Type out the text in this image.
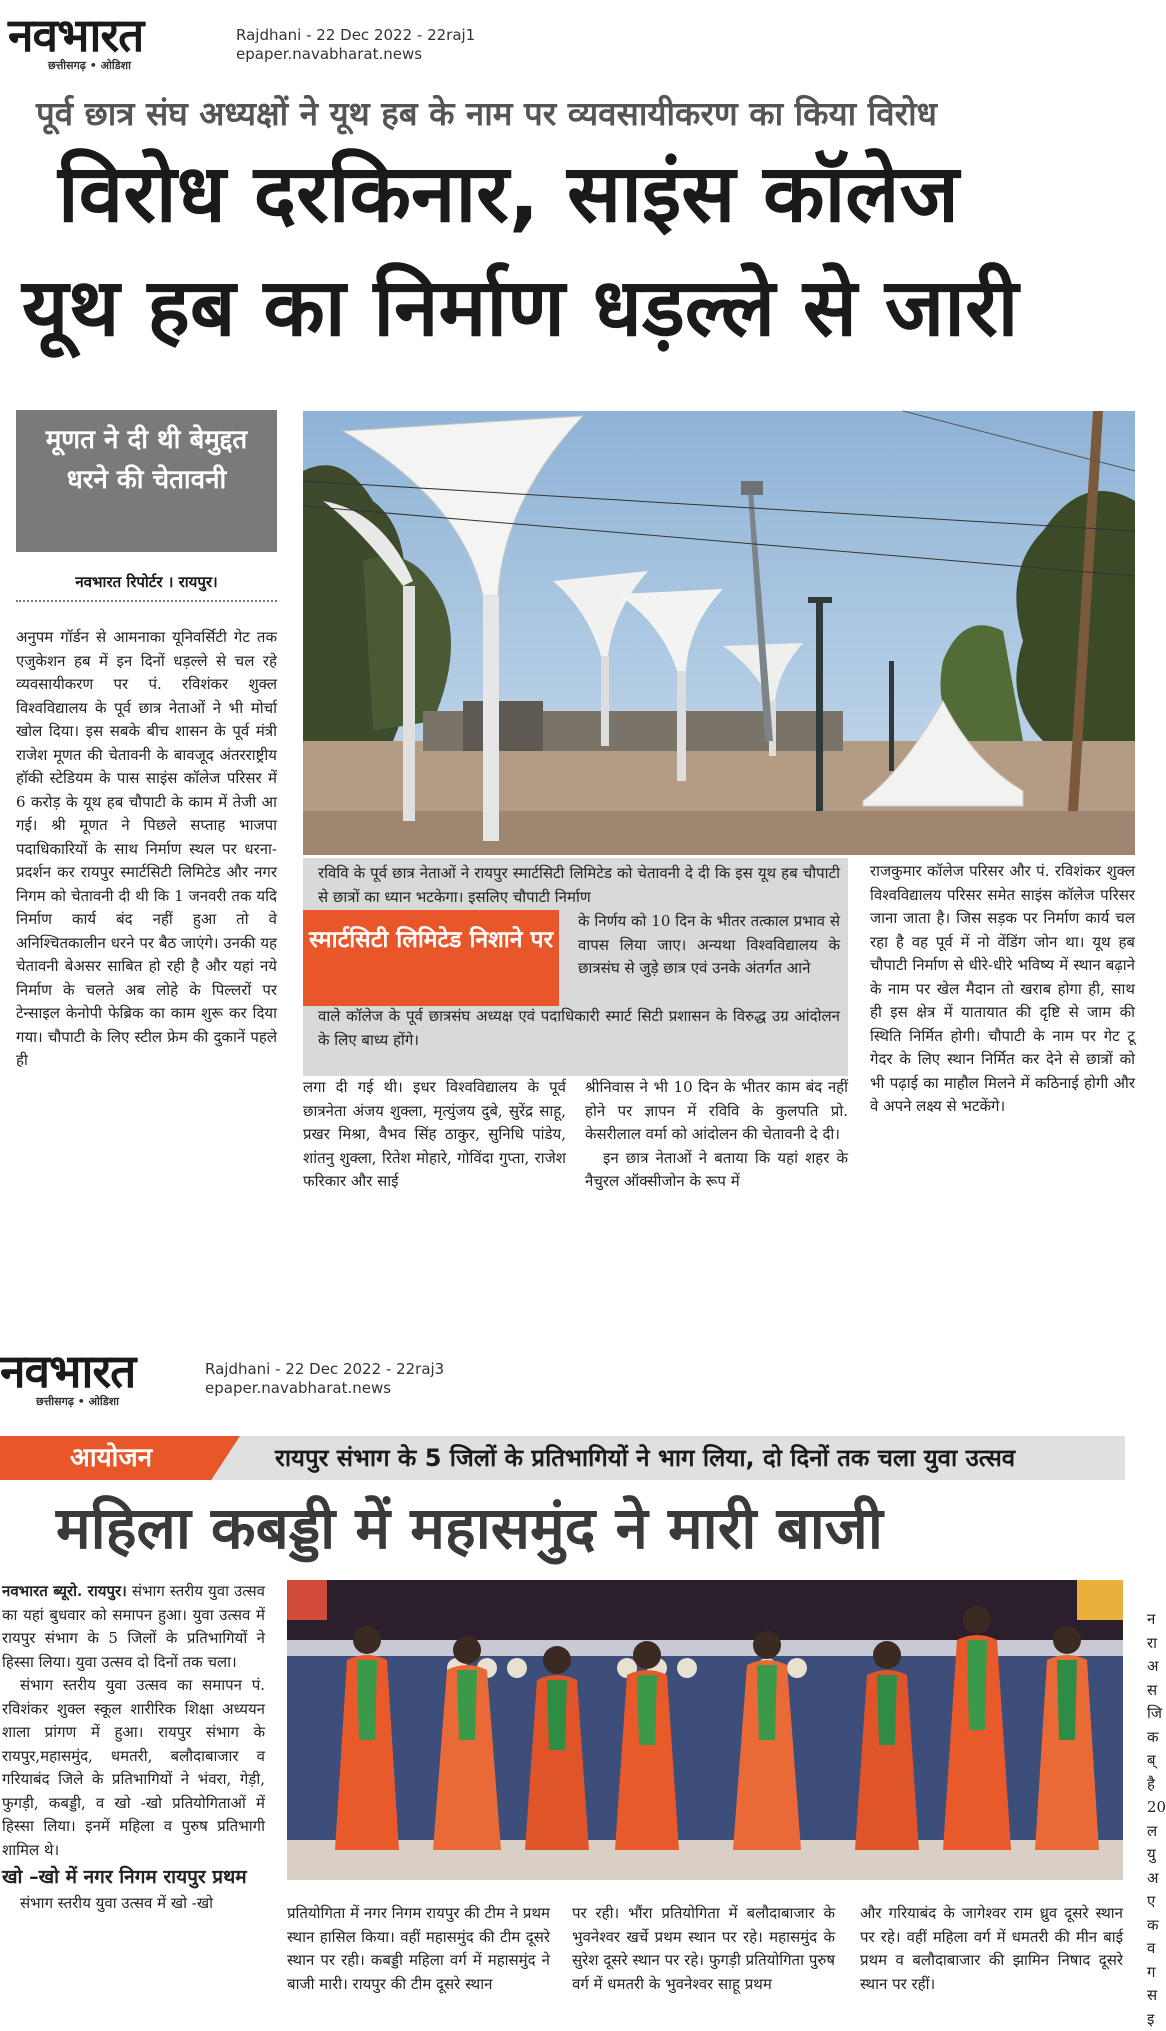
नवभारत
छत्तीसगढ़ • ओडिशा
Rajdhani - 22 Dec 2022 - 22raj1
epaper.navabharat.news
पूर्व छात्र संघ अध्यक्षों ने यूथ हब के नाम पर व्यवसायीकरण का किया विरोध
विरोध दरकिनार, साइंस कॉलेज
यूथ हब का निर्माण धड़ल्ले से जारी
मूणत ने दी थी बेमुद्दत धरने की चेतावनी
नवभारत रिपोर्टर । रायपुर।

अनुपम गॉर्डन से आमनाका यूनिवर्सिटी गेट तक एजुकेशन हब में इन दिनों धड़ल्ले से चल रहे व्यवसायीकरण पर पं. रविशंकर शुक्ल विश्वविद्यालय के पूर्व छात्र नेताओं ने भी मोर्चा खोल दिया। इस सबके बीच शासन के पूर्व मंत्री राजेश मूणत की चेतावनी के बावजूद अंतरराष्ट्रीय हॉकी स्टेडियम के पास साइंस कॉलेज परिसर में 6 करोड़ के यूथ हब चौपाटी के काम में तेजी आ गई। श्री मूणत ने पिछले सप्ताह भाजपा पदाधिकारियों के साथ निर्माण स्थल पर धरना-प्रदर्शन कर रायपुर स्मार्टसिटी लिमिटेड और नगर निगम को चेतावनी दी थी कि 1 जनवरी तक यदि निर्माण कार्य बंद नहीं हुआ तो वे अनिश्चितकालीन धरने पर बैठ जाएंगे। उनकी यह चेतावनी बेअसर साबित हो रही है और यहां नये निर्माण के चलते अब लोहे के पिल्लरों पर टेन्साइल केनोपी फेब्रिक का काम शुरू कर दिया गया। चौपाटी के लिए स्टील फ्रेम की दुकानें पहले ही

रविवि के पूर्व छात्र नेताओं ने रायपुर स्मार्टसिटी लिमिटेड को चेतावनी दे दी कि इस यूथ हब चौपाटी से छात्रों का ध्यान भटकेगा। इसलिए चौपाटी निर्माण
स्मार्टसिटी लिमिटेड निशाने पर
के निर्णय को 10 दिन के भीतर तत्काल प्रभाव से वापस लिया जाए। अन्यथा विश्वविद्यालय के छात्रसंघ से जुड़े छात्र एवं उनके अंतर्गत आने
वाले कॉलेज के पूर्व छात्रसंघ अध्यक्ष एवं पदाधिकारी स्मार्ट सिटी प्रशासन के विरुद्ध उग्र आंदोलन के लिए बाध्य होंगे।

लगा दी गई थी। इधर विश्वविद्यालय के पूर्व छात्रनेता अंजय शुक्ला, मृत्युंजय दुबे, सुरेंद्र साहू, प्रखर मिश्रा, वैभव सिंह ठाकुर, सुनिधि पांडेय, शांतनु शुक्ला, रितेश मोहारे, गोविंदा गुप्ता, राजेश फरिकार और साई

श्रीनिवास ने भी 10 दिन के भीतर काम बंद नहीं होने पर ज्ञापन में रविवि के कुलपति प्रो. केसरीलाल वर्मा को आंदोलन की चेतावनी दे दी।

इन छात्र नेताओं ने बताया कि यहां शहर के नैचुरल ऑक्सीजोन के रूप में

राजकुमार कॉलेज परिसर और पं. रविशंकर शुक्ल विश्वविद्यालय परिसर समेत साइंस कॉलेज परिसर जाना जाता है। जिस सड़क पर निर्माण कार्य चल रहा है वह पूर्व में नो वेंडिंग जोन था। यूथ हब चौपाटी निर्माण से धीरे-धीरे भविष्य में स्थान बढ़ाने के नाम पर खेल मैदान तो खराब होगा ही, साथ ही इस क्षेत्र में यातायात की दृष्टि से जाम की स्थिति निर्मित होगी। चौपाटी के नाम पर गेट टू गेदर के लिए स्थान निर्मित कर देने से छात्रों को भी पढ़ाई का माहौल मिलने में कठिनाई होगी और वे अपने लक्ष्य से भटकेंगे।

नवभारत
छत्तीसगढ़ • ओडिशा
Rajdhani - 22 Dec 2022 - 22raj3
epaper.navabharat.news
आयोजन	रायपुर संभाग के 5 जिलों के प्रतिभागियों ने भाग लिया, दो दिनों तक चला युवा उत्सव
महिला कबड्डी में महासमुंद ने मारी बाजी

नवभारत ब्यूरो. रायपुर। संभाग स्तरीय युवा उत्सव का यहां बुधवार को समापन हुआ। युवा उत्सव में रायपुर संभाग के 5 जिलों के प्रतिभागियों ने हिस्सा लिया। युवा उत्सव दो दिनों तक चला।

संभाग स्तरीय युवा उत्सव का समापन पं. रविशंकर शुक्ल स्कूल शारीरिक शिक्षा अध्ययन शाला प्रांगण में हुआ। रायपुर संभाग के रायपुर,महासमुंद, धमतरी, बलौदाबाजार व गरियाबंद जिले के प्रतिभागियों ने भंवरा, गेड़ी, फुगड़ी, कबड्डी, व खो -खो प्रतियोगिताओं में हिस्सा लिया। इनमें महिला व पुरुष प्रतिभागी शामिल थे।

खो –खो में नगर निगम रायपुर प्रथम

संभाग स्तरीय युवा उत्सव में खो -खो

प्रतियोगिता में नगर निगम रायपुर की टीम ने प्रथम स्थान हासिल किया। वहीं महासमुंद की टीम दूसरे स्थान पर रही। कबड्डी महिला वर्ग में महासमुंद ने बाजी मारी। रायपुर की टीम दूसरे स्थान

पर रही। भौंरा प्रतियोगिता में बलौदाबाजार के भुवनेश्वर खर्चे प्रथम स्थान पर रहे। महासमुंद के सुरेश दूसरे स्थान पर रहे। फुगड़ी प्रतियोगिता पुरुष वर्ग में धमतरी के भुवनेश्वर साहू प्रथम

और गरियाबंद के जागेश्वर राम ध्रुव दूसरे स्थान पर रहे। वहीं महिला वर्ग में धमतरी की मीन बाई प्रथम व बलौदाबाजार की झामिन निषाद दूसरे स्थान पर रहीं।

न
रा
अ
स
जि
क
ब्
है
20
ल
यु
अ
ए
क
व
ग
स
इ
